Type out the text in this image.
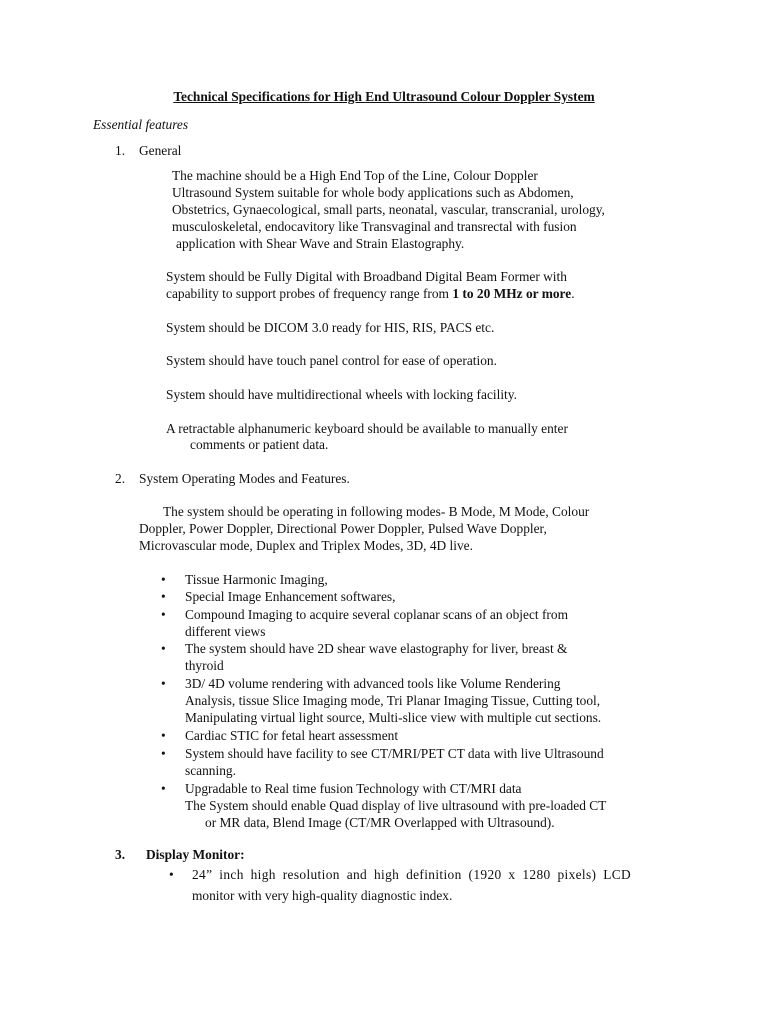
Technical Specifications for High End Ultrasound Colour Doppler System
Essential features
1. General
The machine should be a High End Top of the Line, Colour Doppler
Ultrasound System suitable for whole body applications such as Abdomen,
Obstetrics, Gynaecological, small parts, neonatal, vascular, transcranial, urology,
musculoskeletal, endocavitory like Transvaginal and transrectal with fusion
application with Shear Wave and Strain Elastography.
System should be Fully Digital with Broadband Digital Beam Former with
capability to support probes of frequency range from 1 to 20 MHz or more.
System should be DICOM 3.0 ready for HIS, RIS, PACS etc.
System should have touch panel control for ease of operation.
System should have multidirectional wheels with locking facility.
A retractable alphanumeric keyboard should be available to manually enter
comments or patient data.
2. System Operating Modes and Features.
The system should be operating in following modes- B Mode, M Mode, Colour
Doppler, Power Doppler, Directional Power Doppler, Pulsed Wave Doppler,
Microvascular mode, Duplex and Triplex Modes, 3D, 4D live.
• Tissue Harmonic Imaging,
• Special Image Enhancement softwares,
• Compound Imaging to acquire several coplanar scans of an object from
different views
• The system should have 2D shear wave elastography for liver, breast &
thyroid
• 3D/ 4D volume rendering with advanced tools like Volume Rendering
Analysis, tissue Slice Imaging mode, Tri Planar Imaging Tissue, Cutting tool,
Manipulating virtual light source, Multi-slice view with multiple cut sections.
• Cardiac STIC for fetal heart assessment
• System should have facility to see CT/MRI/PET CT data with live Ultrasound
scanning.
• Upgradable to Real time fusion Technology with CT/MRI data
The System should enable Quad display of live ultrasound with pre-loaded CT
or MR data, Blend Image (CT/MR Overlapped with Ultrasound).
3. Display Monitor:
• 24” inch high resolution and high definition (1920 x 1280 pixels) LCD
monitor with very high-quality diagnostic index.
